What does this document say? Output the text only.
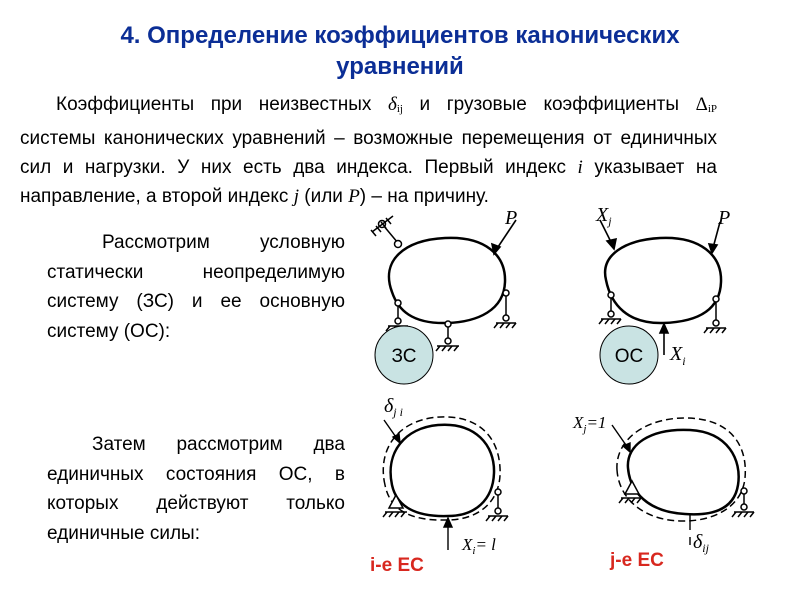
4. Определение коэффициентов канонических уравнений
Коэффициенты при неизвестных δij и грузовые коэффициенты ΔiP системы канонических уравнений – возможные перемещения от единичных сил и нагрузки. У них есть два индекса. Первый индекс i указывает на направление, а второй индекс j (или P) – на причину.
Рассмотрим условную статически неопределимую систему (ЗС) и ее основную систему (ОС):
Затем рассмотрим два единичных состояния ОС, в которых действуют только единичные силы:
P
ЗС
$X_j$	P
$X_i$
ОС
$\delta_{j i}$
$X_i= l$
i-е ЕС
$X_j=1$
$\delta_{ij}$
j-е ЕС
